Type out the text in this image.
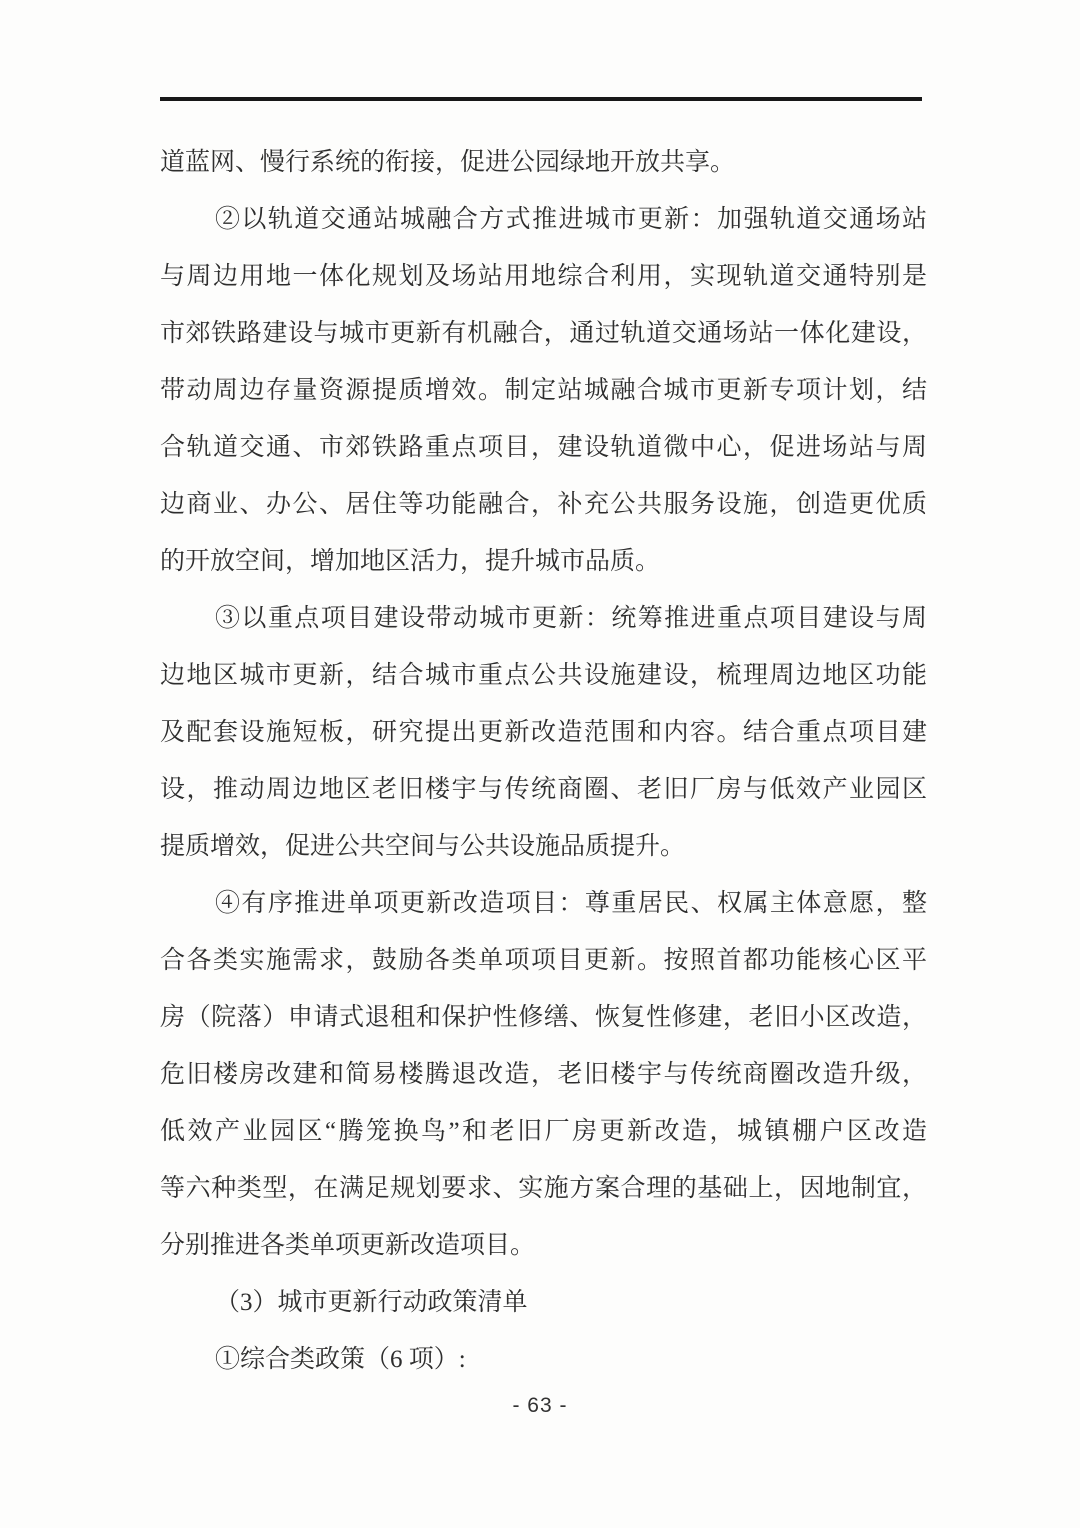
道蓝网、慢行系统的衔接，促进公园绿地开放共享。
②以轨道交通站城融合方式推进城市更新：加强轨道交通场站
与周边用地一体化规划及场站用地综合利用，实现轨道交通特别是
市郊铁路建设与城市更新有机融合，通过轨道交通场站一体化建设，
带动周边存量资源提质增效。制定站城融合城市更新专项计划，结
合轨道交通、市郊铁路重点项目，建设轨道微中心，促进场站与周
边商业、办公、居住等功能融合，补充公共服务设施，创造更优质
的开放空间，增加地区活力，提升城市品质。
③以重点项目建设带动城市更新：统筹推进重点项目建设与周
边地区城市更新，结合城市重点公共设施建设，梳理周边地区功能
及配套设施短板，研究提出更新改造范围和内容。结合重点项目建
设，推动周边地区老旧楼宇与传统商圈、老旧厂房与低效产业园区
提质增效，促进公共空间与公共设施品质提升。
④有序推进单项更新改造项目：尊重居民、权属主体意愿，整
合各类实施需求，鼓励各类单项项目更新。按照首都功能核心区平
房（院落）申请式退租和保护性修缮、恢复性修建，老旧小区改造，
危旧楼房改建和简易楼腾退改造，老旧楼宇与传统商圈改造升级，
低效产业园区“腾笼换鸟”和老旧厂房更新改造，城镇棚户区改造
等六种类型，在满足规划要求、实施方案合理的基础上，因地制宜，
分别推进各类单项更新改造项目。
（3）城市更新行动政策清单
①综合类政策（6 项）:
- 63 -
